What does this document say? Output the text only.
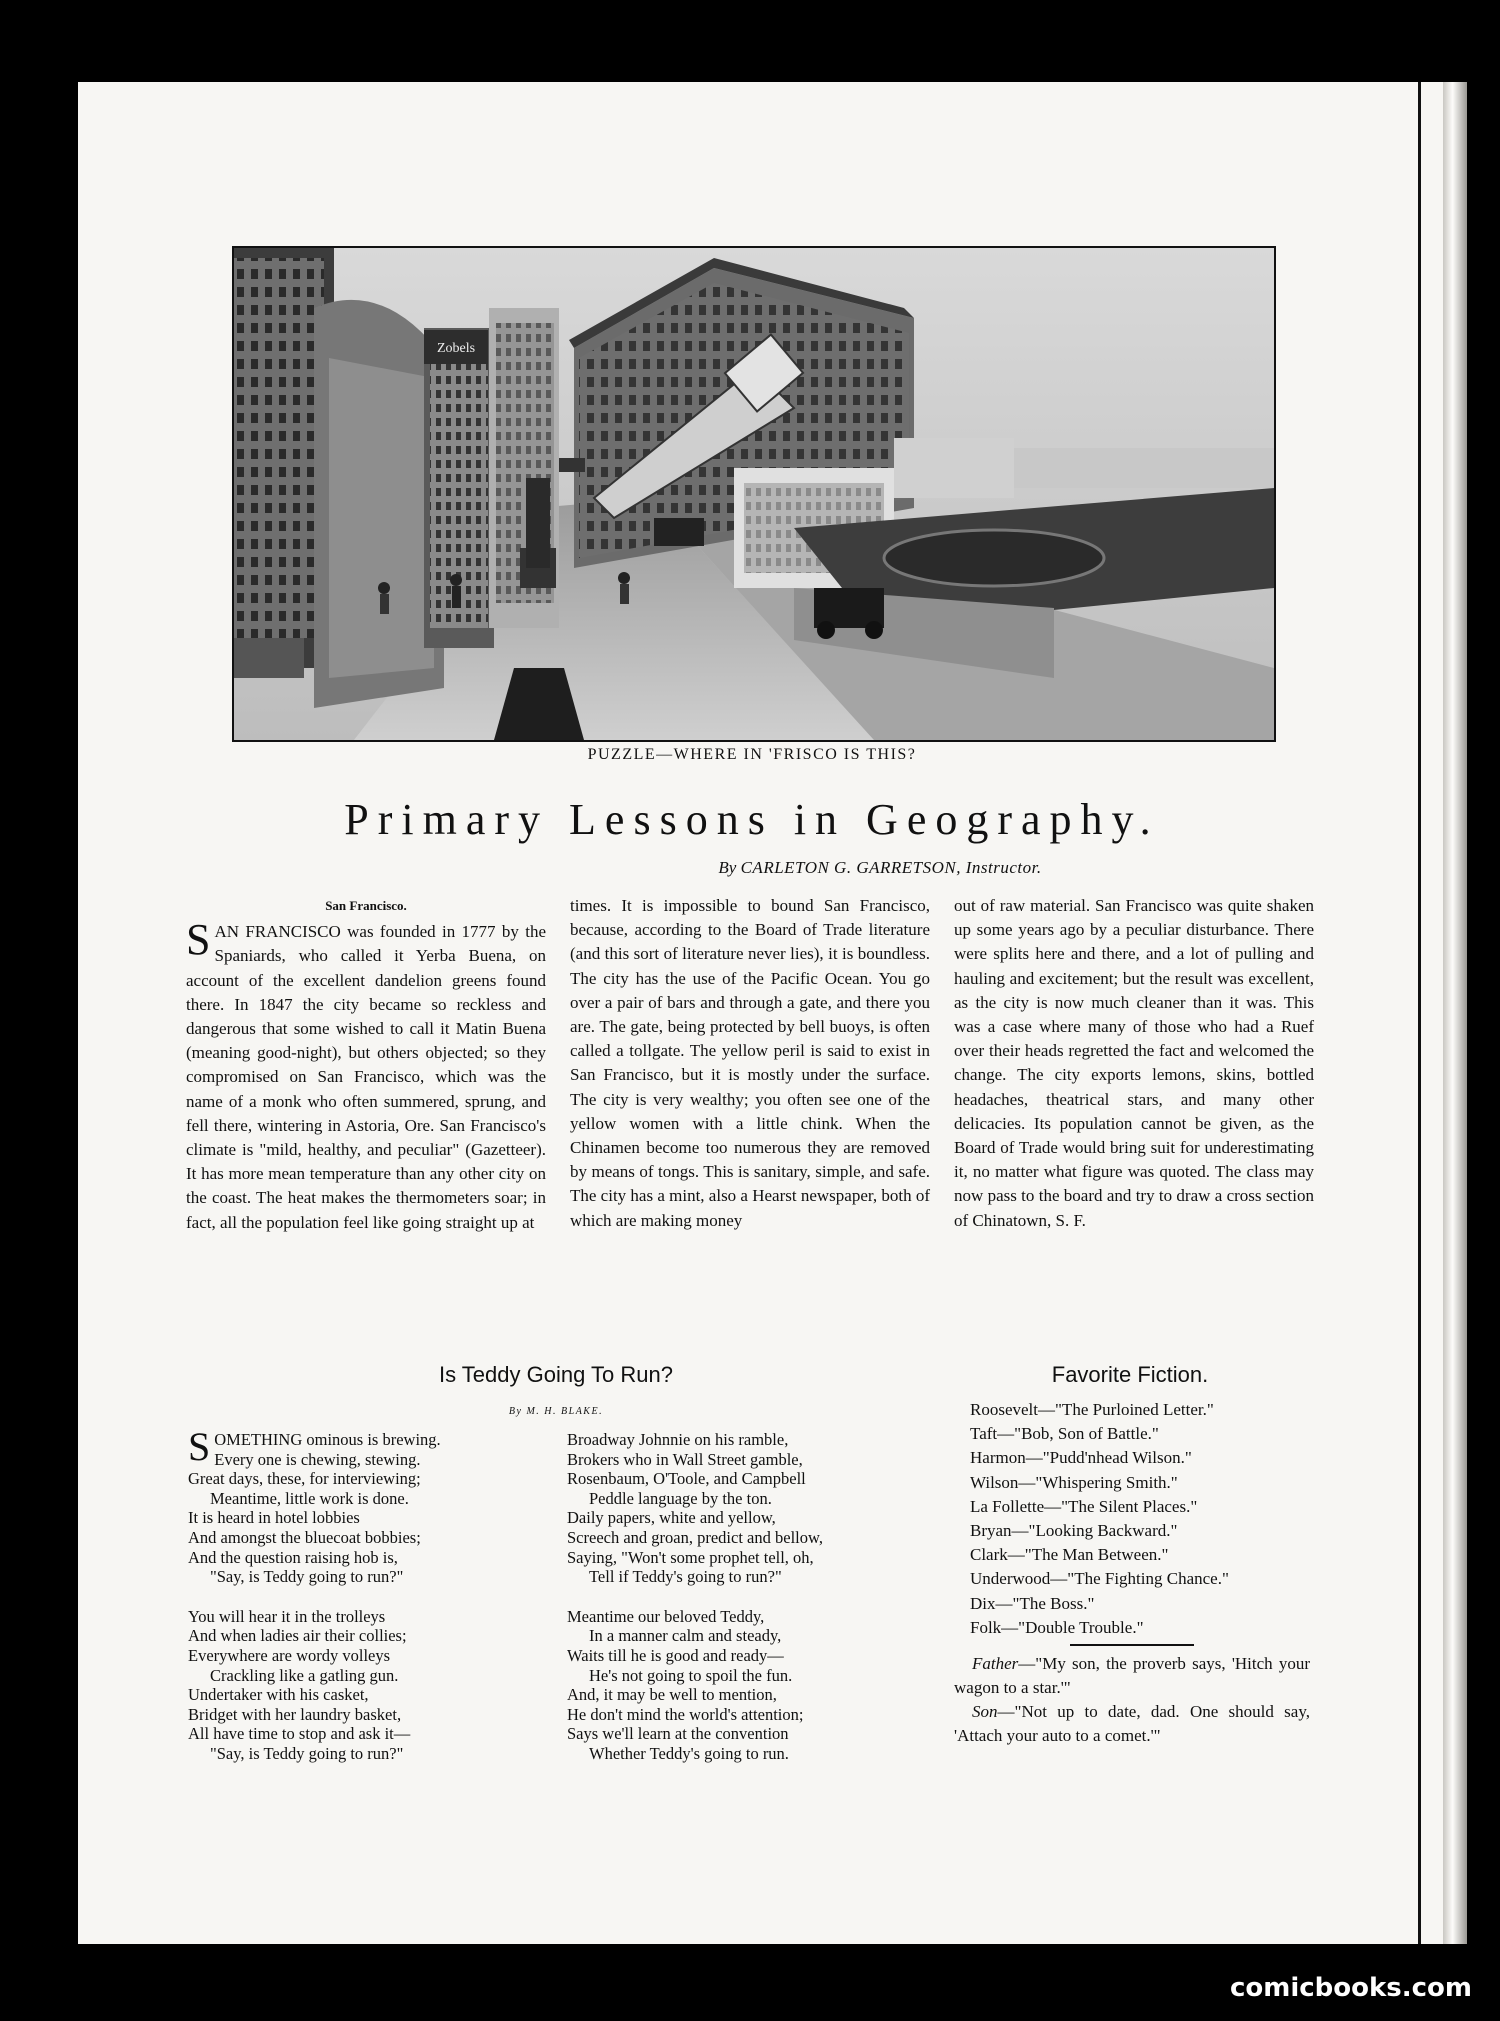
Zobels
PUZZLE—WHERE IN 'FRISCO IS THIS?
Primary Lessons in Geography.
By CARLETON G. GARRETSON, Instructor.
San Francisco.

SAN FRANCISCO was founded in 1777 by the Spaniards, who called it Yerba Buena, on account of the excellent dandelion greens found there. In 1847 the city became so reckless and dangerous that some wished to call it Matin Buena (meaning good-night), but others objected; so they compromised on San Francisco, which was the name of a monk who often summered, sprung, and fell there, wintering in Astoria, Ore. San Francisco's climate is "mild, healthy, and peculiar" (Gazetteer). It has more mean temperature than any other city on the coast. The heat makes the thermometers soar; in fact, all the population feel like going straight up at

times. It is impossible to bound San Francisco, because, according to the Board of Trade literature (and this sort of literature never lies), it is boundless. The city has the use of the Pacific Ocean. You go over a pair of bars and through a gate, and there you are. The gate, being protected by bell buoys, is often called a tollgate. The yellow peril is said to exist in San Francisco, but it is mostly under the surface. The city is very wealthy; you often see one of the yellow women with a little chink. When the Chinamen become too numerous they are removed by means of tongs. This is sanitary, simple, and safe. The city has a mint, also a Hearst newspaper, both of which are making money

out of raw material. San Francisco was quite shaken up some years ago by a peculiar disturbance. There were splits here and there, and a lot of pulling and hauling and excitement; but the result was excellent, as the city is now much cleaner than it was. This was a case where many of those who had a Ruef over their heads regretted the fact and welcomed the change. The city exports lemons, skins, bottled headaches, theatrical stars, and many other delicacies. Its population cannot be given, as the Board of Trade would bring suit for underestimating it, no matter what figure was quoted. The class may now pass to the board and try to draw a cross section of Chinatown, S. F.

Is Teddy Going To Run?
By M. H. BLAKE.
SOMETHING ominous is brewing.
Every one is chewing, stewing.
Great days, these, for interviewing;
Meantime, little work is done.
It is heard in hotel lobbies
And amongst the bluecoat bobbies;
And the question raising hob is,
"Say, is Teddy going to run?"
You will hear it in the trolleys
And when ladies air their collies;
Everywhere are wordy volleys
Crackling like a gatling gun.
Undertaker with his casket,
Bridget with her laundry basket,
All have time to stop and ask it—
"Say, is Teddy going to run?"
Broadway Johnnie on his ramble,
Brokers who in Wall Street gamble,
Rosenbaum, O'Toole, and Campbell
Peddle language by the ton.
Daily papers, white and yellow,
Screech and groan, predict and bellow,
Saying, "Won't some prophet tell, oh,
Tell if Teddy's going to run?"
Meantime our beloved Teddy,
In a manner calm and steady,
Waits till he is good and ready—
He's not going to spoil the fun.
And, it may be well to mention,
He don't mind the world's attention;
Says we'll learn at the convention
Whether Teddy's going to run.
Favorite Fiction.
Roosevelt—"The Purloined Letter."
Taft—"Bob, Son of Battle."
Harmon—"Pudd'nhead Wilson."
Wilson—"Whispering Smith."
La Follette—"The Silent Places."
Bryan—"Looking Backward."
Clark—"The Man Between."
Underwood—"The Fighting Chance."
Dix—"The Boss."
Folk—"Double Trouble."
Father—"My son, the proverb says, 'Hitch your wagon to a star.'"
Son—"Not up to date, dad. One should say, 'Attach your auto to a comet.'"
comicbooks.com
